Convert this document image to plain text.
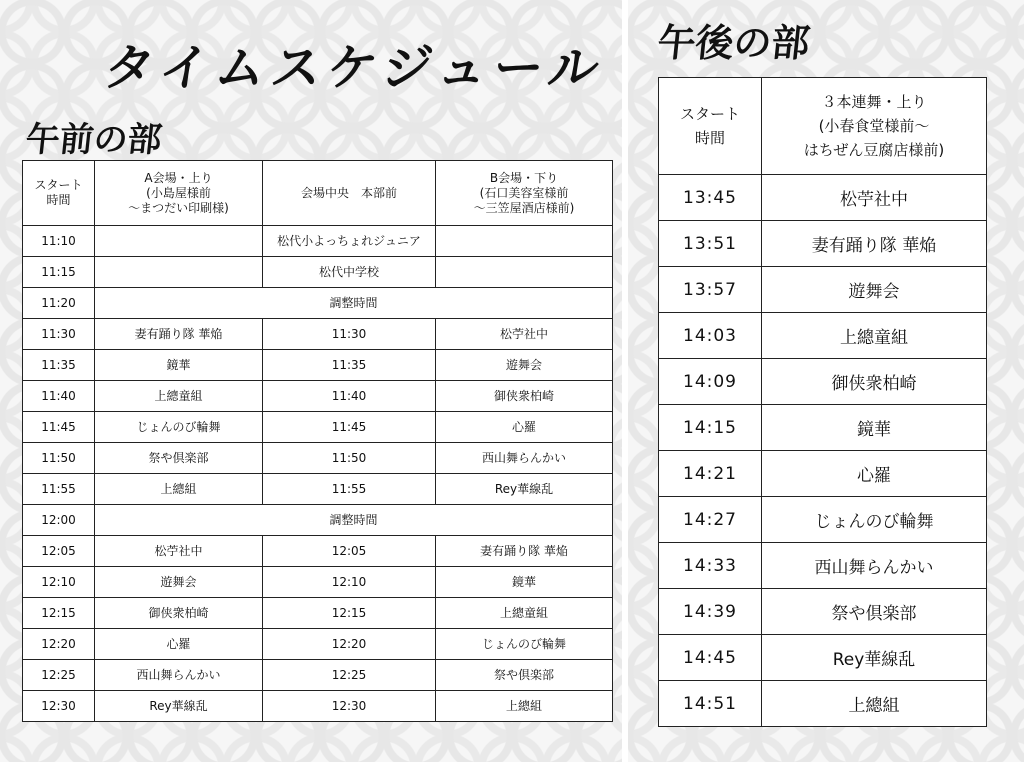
タイムスケジュール
午前の部
スタート
時間	A会場・上り
(小島屋様前
～まつだい印刷様)	会場中央　本部前	B会場・下り
(石口美容室様前
～三笠屋酒店様前)

11:10		松代小よっちょれジュニア	
11:15		松代中学校	
11:20	調整時間		
11:30	妻有踊り隊 華焔	11:30	松苧社中
11:35	鏡華	11:35	遊舞会
11:40	上總童組	11:40	御侠衆柏崎
11:45	じょんのび輪舞	11:45	心羅
11:50	祭や倶楽部	11:50	西山舞らんかい
11:55	上總組	11:55	Rey華線乱
12:00	調整時間		
12:05	松苧社中	12:05	妻有踊り隊 華焔
12:10	遊舞会	12:10	鏡華
12:15	御侠衆柏崎	12:15	上總童組
12:20	心羅	12:20	じょんのび輪舞
12:25	西山舞らんかい	12:25	祭や倶楽部
12:30	Rey華線乱	12:30	上總組
午後の部
スタート
時間	３本連舞・上り
(小春食堂様前～
はちぜん豆腐店様前)

13:45	松苧社中
13:51	妻有踊り隊 華焔
13:57	遊舞会
14:03	上總童組
14:09	御侠衆柏崎
14:15	鏡華
14:21	心羅
14:27	じょんのび輪舞
14:33	西山舞らんかい
14:39	祭や倶楽部
14:45	Rey華線乱
14:51	上總組
